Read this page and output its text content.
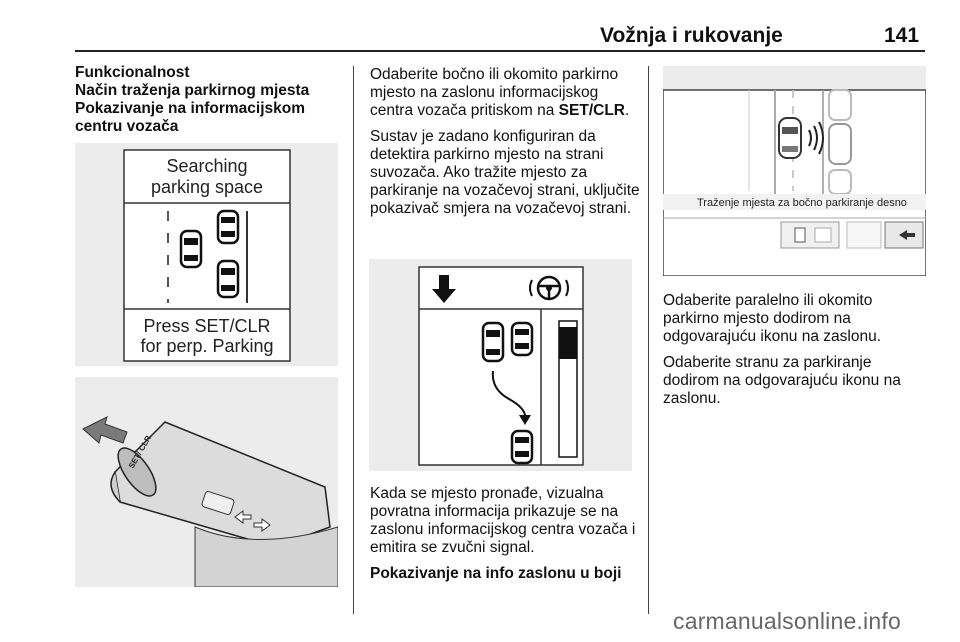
Vožnja i rukovanje	141
Funkcionalnost
Način traženja parkirnog mjesta
Pokazivanje na informacijskom centru vozača
Searching
parking space
Press SET/CLR
for perp. Parking
SET/ CLR

Odaberite bočno ili okomito parkirno mjesto na zaslonu informacijskog centra vozača pritiskom na SET/CLR.

Sustav je zadano konfiguriran da detektira parkirno mjesto na strani suvozača. Ako tražite mjesto za parkiranje na vozačevoj strani, uključite pokazivač smjera na vozačevoj strani.

Kada se mjesto pronađe, vizualna povratna informacija prikazuje se na zaslonu informacijskog centra vozača i emitira se zvučni signal.

Pokazivanje na info zaslonu u boji

Traženje mjesta za bočno parkiranje desno

Odaberite paralelno ili okomito parkirno mjesto dodirom na odgovarajuću ikonu na zaslonu.

Odaberite stranu za parkiranje dodirom na odgovarajuću ikonu na zaslonu.

carmanualsonline.info
